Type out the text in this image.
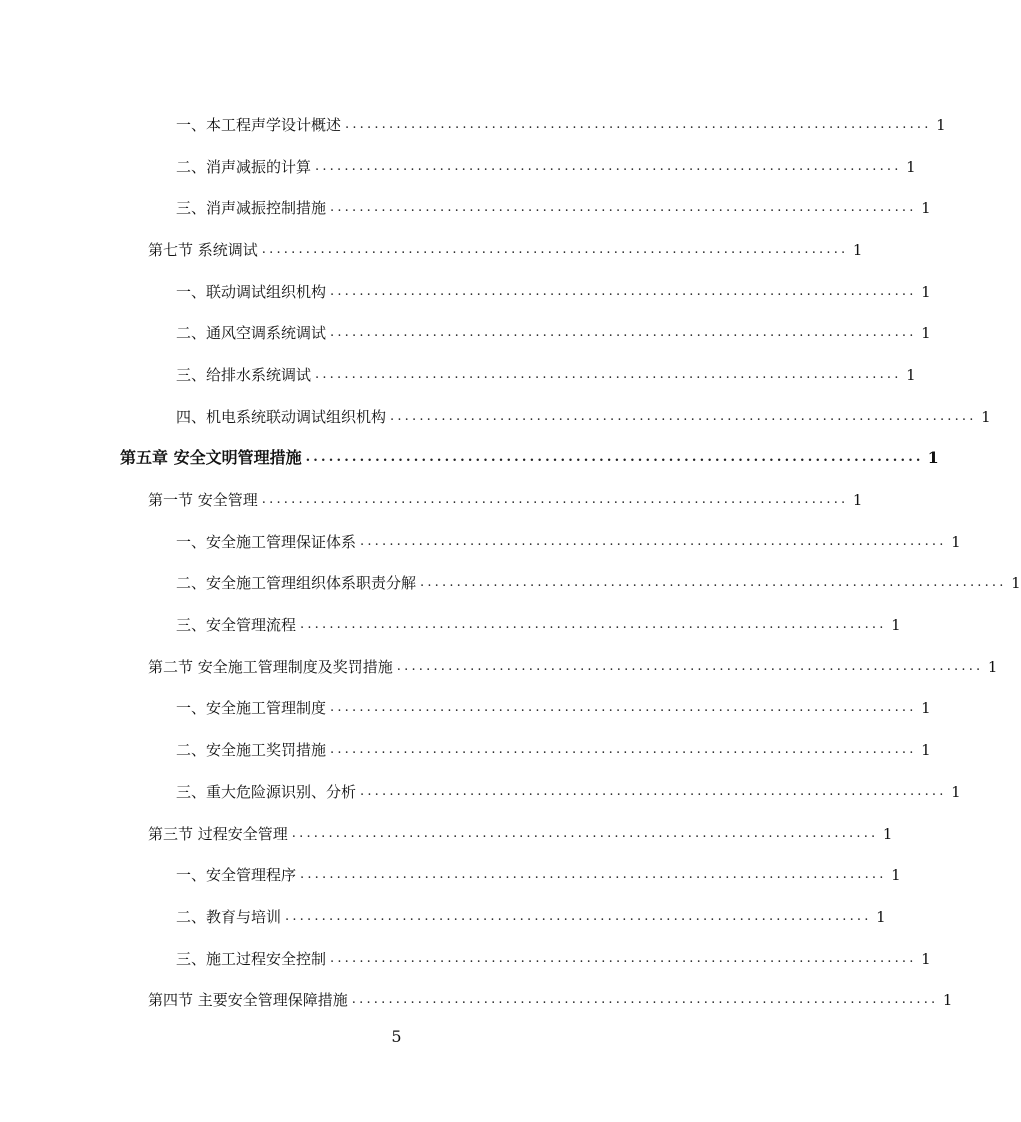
一、本工程声学设计概述 ................................................................................ 1
二、消声减振的计算 ................................................................................ 1
三、消声减振控制措施 ................................................................................ 1
第七节 系统调试 ................................................................................ 1
一、联动调试组织机构 ................................................................................ 1
二、通风空调系统调试 ................................................................................ 1
三、给排水系统调试 ................................................................................ 1
四、机电系统联动调试组织机构 ................................................................................ 1
第五章 安全文明管理措施 ................................................................................ 1
第一节 安全管理 ................................................................................ 1
一、安全施工管理保证体系 ................................................................................ 1
二、安全施工管理组织体系职责分解 ................................................................................ 1
三、安全管理流程 ................................................................................ 1
第二节 安全施工管理制度及奖罚措施 ................................................................................ 1
一、安全施工管理制度 ................................................................................ 1
二、安全施工奖罚措施 ................................................................................ 1
三、重大危险源识别、分析 ................................................................................ 1
第三节 过程安全管理 ................................................................................ 1
一、安全管理程序 ................................................................................ 1
二、教育与培训 ................................................................................ 1
三、施工过程安全控制 ................................................................................ 1
第四节 主要安全管理保障措施 ................................................................................ 1
5
